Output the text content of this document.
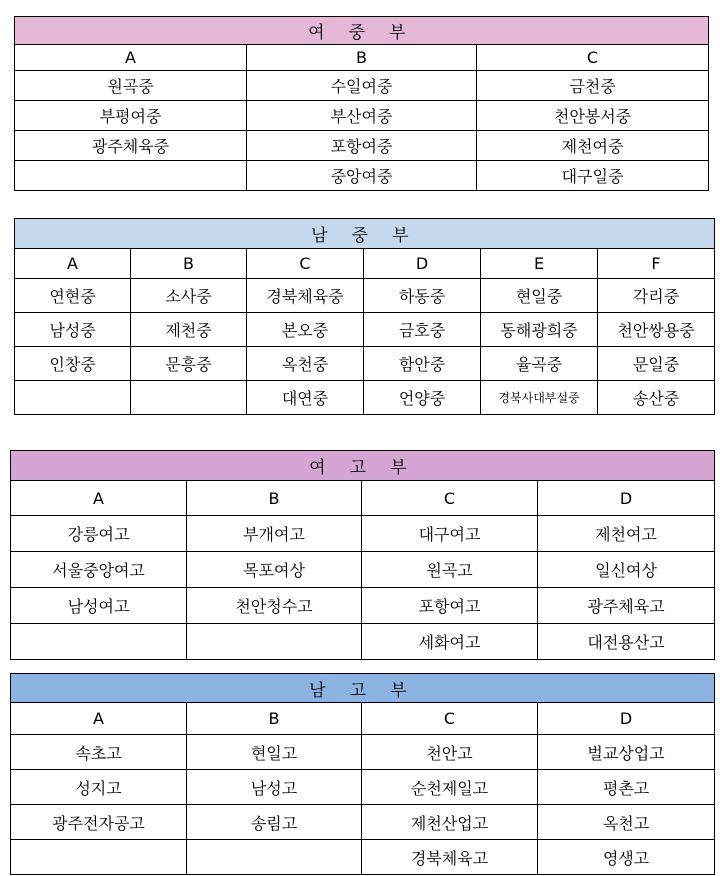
여 중 부		
A	B	C
원곡중	수일여중	금천중
부평여중	부산여중	천안봉서중
광주체육중	포항여중	제천여중
	중앙여중	대구일중
남 중 부					
A	B	C	D	E	F
연현중	소사중	경북체육중	하동중	현일중	각리중
남성중	제천중	본오중	금호중	동해광희중	천안쌍용중
인창중	문흥중	옥천중	함안중	율곡중	문일중
		대연중	언양중	경북사대부설중	송산중
여 고 부			
A	B	C	D
강릉여고	부개여고	대구여고	제천여고
서울중앙여고	목포여상	원곡고	일신여상
남성여고	천안청수고	포항여고	광주체육고
		세화여고	대전용산고
남 고 부			
A	B	C	D
속초고	현일고	천안고	벌교상업고
성지고	남성고	순천제일고	평촌고
광주전자공고	송림고	제천산업고	옥천고
		경북체육고	영생고
